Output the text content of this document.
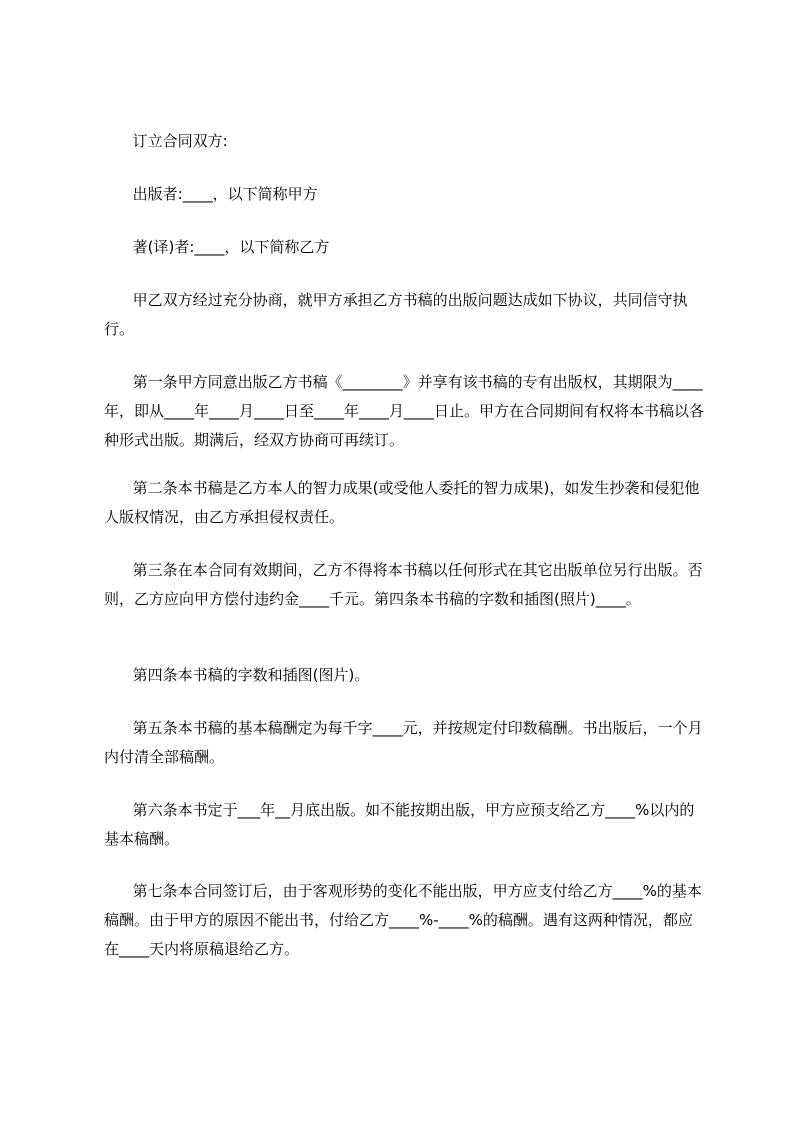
订立合同双方:

出版者:____，以下简称甲方

著(译)者:____，以下简称乙方

甲乙双方经过充分协商，就甲方承担乙方书稿的出版问题达成如下协议，共同信守执行。

第一条甲方同意出版乙方书稿《________》并享有该书稿的专有出版权，其期限为____年，即从____年____月____日至____年____月____日止。甲方在合同期间有权将本书稿以各种形式出版。期满后，经双方协商可再续订。

第二条本书稿是乙方本人的智力成果(或受他人委托的智力成果)，如发生抄袭和侵犯他人版权情况，由乙方承担侵权责任。

第三条在本合同有效期间，乙方不得将本书稿以任何形式在其它出版单位另行出版。否则，乙方应向甲方偿付违约金____千元。第四条本书稿的字数和插图(照片)____。

第四条本书稿的字数和插图(图片)。

第五条本书稿的基本稿酬定为每千字____元，并按规定付印数稿酬。书出版后，一个月内付清全部稿酬。

第六条本书定于___年__月底出版。如不能按期出版，甲方应预支给乙方____%以内的基本稿酬。

第七条本合同签订后，由于客观形势的变化不能出版，甲方应支付给乙方____%的基本稿酬。由于甲方的原因不能出书，付给乙方____%-____%的稿酬。遇有这两种情况，都应在____天内将原稿退给乙方。
